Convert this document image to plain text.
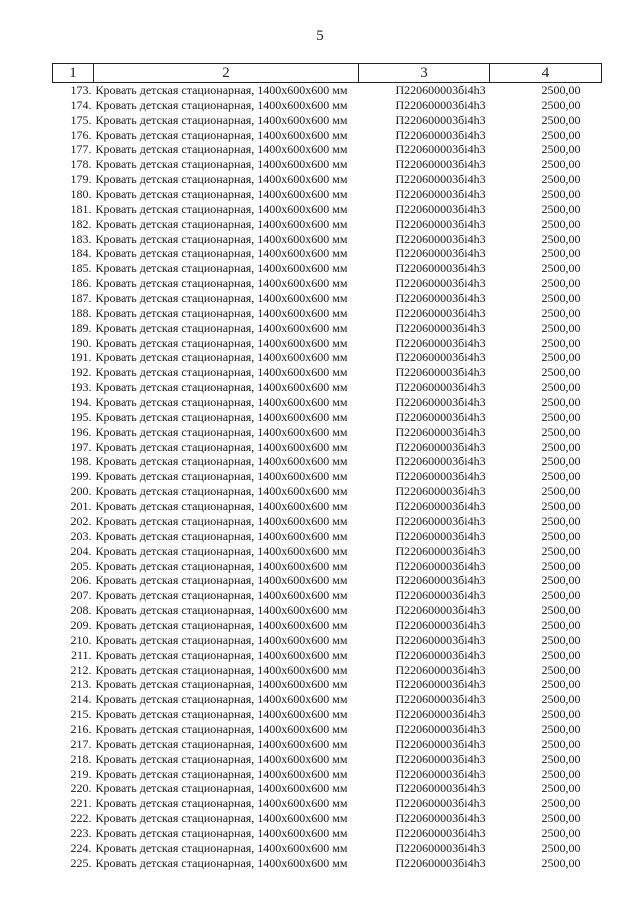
5
1	2	3	4
173.	Кровать детская стационарная, 1400x600x600 мм	П220600003бi4h3	2500,00
174.	Кровать детская стационарная, 1400x600x600 мм	П220600003бi4h3	2500,00
175.	Кровать детская стационарная, 1400x600x600 мм	П220600003бi4h3	2500,00
176.	Кровать детская стационарная, 1400x600x600 мм	П220600003бi4h3	2500,00
177.	Кровать детская стационарная, 1400x600x600 мм	П220600003бi4h3	2500,00
178.	Кровать детская стационарная, 1400x600x600 мм	П220600003бi4h3	2500,00
179.	Кровать детская стационарная, 1400x600x600 мм	П220600003бi4h3	2500,00
180.	Кровать детская стационарная, 1400x600x600 мм	П220600003бi4h3	2500,00
181.	Кровать детская стационарная, 1400x600x600 мм	П220600003бi4h3	2500,00
182.	Кровать детская стационарная, 1400x600x600 мм	П220600003бi4h3	2500,00
183.	Кровать детская стационарная, 1400x600x600 мм	П220600003бi4h3	2500,00
184.	Кровать детская стационарная, 1400x600x600 мм	П220600003бi4h3	2500,00
185.	Кровать детская стационарная, 1400x600x600 мм	П220600003бi4h3	2500,00
186.	Кровать детская стационарная, 1400x600x600 мм	П220600003бi4h3	2500,00
187.	Кровать детская стационарная, 1400x600x600 мм	П220600003бi4h3	2500,00
188.	Кровать детская стационарная, 1400x600x600 мм	П220600003бi4h3	2500,00
189.	Кровать детская стационарная, 1400x600x600 мм	П220600003бi4h3	2500,00
190.	Кровать детская стационарная, 1400x600x600 мм	П220600003бi4h3	2500,00
191.	Кровать детская стационарная, 1400x600x600 мм	П220600003бi4h3	2500,00
192.	Кровать детская стационарная, 1400x600x600 мм	П220600003бi4h3	2500,00
193.	Кровать детская стационарная, 1400x600x600 мм	П220600003бi4h3	2500,00
194.	Кровать детская стационарная, 1400x600x600 мм	П220600003бi4h3	2500,00
195.	Кровать детская стационарная, 1400x600x600 мм	П220600003бi4h3	2500,00
196.	Кровать детская стационарная, 1400x600x600 мм	П220600003бi4h3	2500,00
197.	Кровать детская стационарная, 1400x600x600 мм	П220600003бi4h3	2500,00
198.	Кровать детская стационарная, 1400x600x600 мм	П220600003бi4h3	2500,00
199.	Кровать детская стационарная, 1400x600x600 мм	П220600003бi4h3	2500,00
200.	Кровать детская стационарная, 1400x600x600 мм	П220600003бi4h3	2500,00
201.	Кровать детская стационарная, 1400x600x600 мм	П220600003бi4h3	2500,00
202.	Кровать детская стационарная, 1400x600x600 мм	П220600003бi4h3	2500,00
203.	Кровать детская стационарная, 1400x600x600 мм	П220600003бi4h3	2500,00
204.	Кровать детская стационарная, 1400x600x600 мм	П220600003бi4h3	2500,00
205.	Кровать детская стационарная, 1400x600x600 мм	П220600003бi4h3	2500,00
206.	Кровать детская стационарная, 1400x600x600 мм	П220600003бi4h3	2500,00
207.	Кровать детская стационарная, 1400x600x600 мм	П220600003бi4h3	2500,00
208.	Кровать детская стационарная, 1400x600x600 мм	П220600003бi4h3	2500,00
209.	Кровать детская стационарная, 1400x600x600 мм	П220600003бi4h3	2500,00
210.	Кровать детская стационарная, 1400x600x600 мм	П220600003бi4h3	2500,00
211.	Кровать детская стационарная, 1400x600x600 мм	П220600003бi4h3	2500,00
212.	Кровать детская стационарная, 1400x600x600 мм	П220600003бi4h3	2500,00
213.	Кровать детская стационарная, 1400x600x600 мм	П220600003бi4h3	2500,00
214.	Кровать детская стационарная, 1400x600x600 мм	П220600003бi4h3	2500,00
215.	Кровать детская стационарная, 1400x600x600 мм	П220600003бi4h3	2500,00
216.	Кровать детская стационарная, 1400x600x600 мм	П220600003бi4h3	2500,00
217.	Кровать детская стационарная, 1400x600x600 мм	П220600003бi4h3	2500,00
218.	Кровать детская стационарная, 1400x600x600 мм	П220600003бi4h3	2500,00
219.	Кровать детская стационарная, 1400x600x600 мм	П220600003бi4h3	2500,00
220.	Кровать детская стационарная, 1400x600x600 мм	П220600003бi4h3	2500,00
221.	Кровать детская стационарная, 1400x600x600 мм	П220600003бi4h3	2500,00
222.	Кровать детская стационарная, 1400x600x600 мм	П220600003бi4h3	2500,00
223.	Кровать детская стационарная, 1400x600x600 мм	П220600003бi4h3	2500,00
224.	Кровать детская стационарная, 1400x600x600 мм	П220600003бi4h3	2500,00
225.	Кровать детская стационарная, 1400x600x600 мм	П220600003бi4h3	2500,00
